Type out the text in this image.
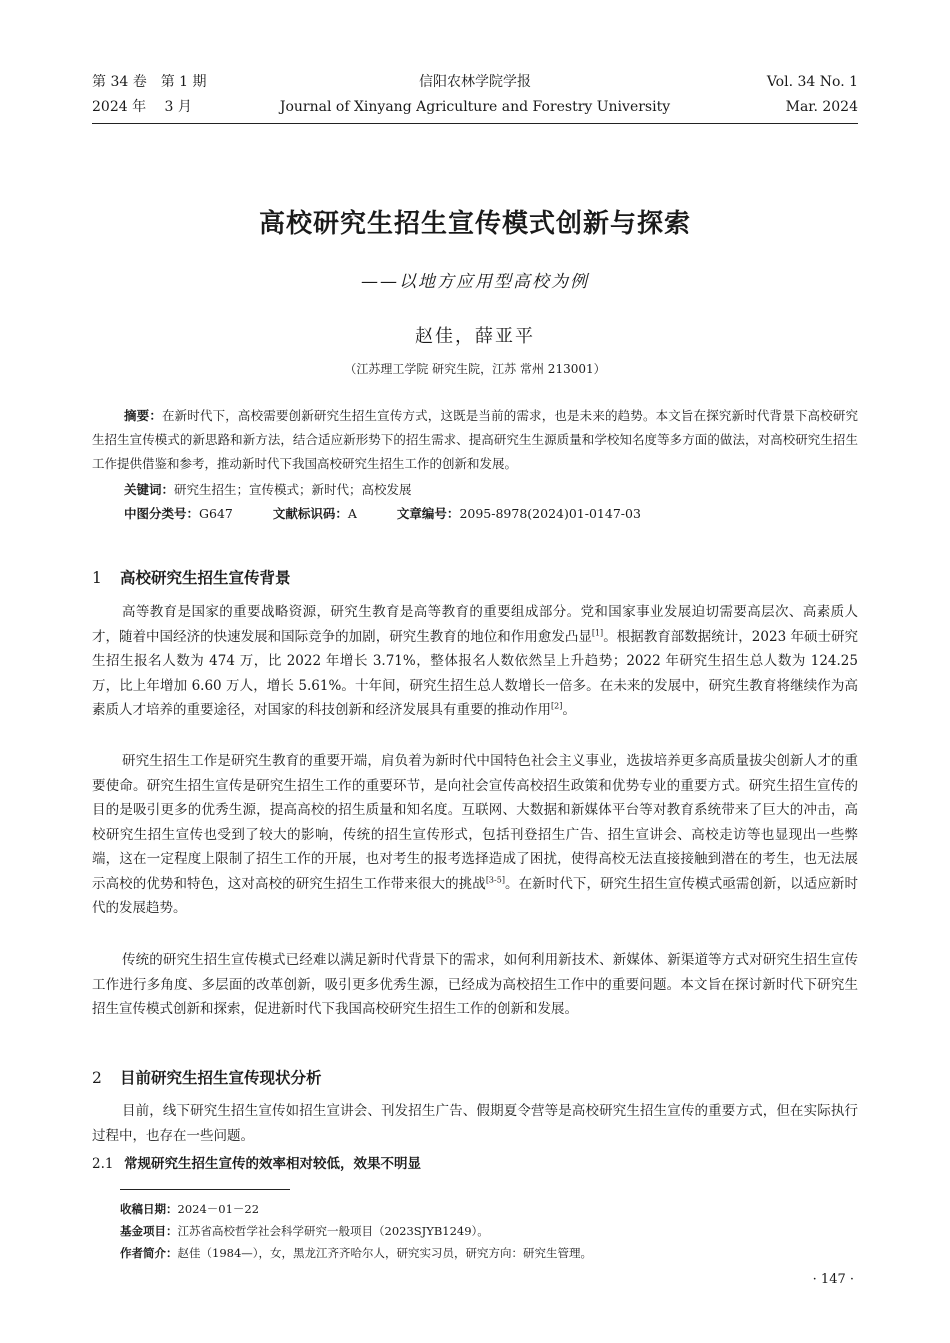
第 34 卷　第 1 期
2024 年　 3 月
信阳农林学院学报
Journal of Xinyang Agriculture and Forestry University
Vol. 34 No. 1
Mar. 2024
高校研究生招生宣传模式创新与探索
——以地方应用型高校为例
赵佳，薛亚平
（江苏理工学院 研究生院，江苏 常州 213001）
摘要：在新时代下，高校需要创新研究生招生宣传方式，这既是当前的需求，也是未来的趋势。本文旨在探究新时代背景下高校研究生招生宣传模式的新思路和新方法，结合适应新形势下的招生需求、提高研究生生源质量和学校知名度等多方面的做法，对高校研究生招生工作提供借鉴和参考，推动新时代下我国高校研究生招生工作的创新和发展。
关键词：研究生招生；宣传模式；新时代；高校发展
中图分类号：G647	文献标识码：A	文章编号：2095-8978(2024)01-0147-03
1 高校研究生招生宣传背景
高等教育是国家的重要战略资源，研究生教育是高等教育的重要组成部分。党和国家事业发展迫切需要高层次、高素质人才，随着中国经济的快速发展和国际竞争的加剧，研究生教育的地位和作用愈发凸显[1]。根据教育部数据统计，2023 年硕士研究生招生报名人数为 474 万，比 2022 年增长 3.71%，整体报名人数依然呈上升趋势；2022 年研究生招生总人数为 124.25 万，比上年增加 6.60 万人，增长 5.61%。十年间，研究生招生总人数增长一倍多。在未来的发展中，研究生教育将继续作为高素质人才培养的重要途径，对国家的科技创新和经济发展具有重要的推动作用[2]。
研究生招生工作是研究生教育的重要开端，肩负着为新时代中国特色社会主义事业，选拔培养更多高质量拔尖创新人才的重要使命。研究生招生宣传是研究生招生工作的重要环节，是向社会宣传高校招生政策和优势专业的重要方式。研究生招生宣传的目的是吸引更多的优秀生源，提高高校的招生质量和知名度。互联网、大数据和新媒体平台等对教育系统带来了巨大的冲击，高校研究生招生宣传也受到了较大的影响，传统的招生宣传形式，包括刊登招生广告、招生宣讲会、高校走访等也显现出一些弊端，这在一定程度上限制了招生工作的开展，也对考生的报考选择造成了困扰，使得高校无法直接接触到潜在的考生，也无法展示高校的优势和特色，这对高校的研究生招生工作带来很大的挑战[3-5]。在新时代下，研究生招生宣传模式亟需创新，以适应新时代的发展趋势。
传统的研究生招生宣传模式已经难以满足新时代背景下的需求，如何利用新技术、新媒体、新渠道等方式对研究生招生宣传工作进行多角度、多层面的改革创新，吸引更多优秀生源，已经成为高校招生工作中的重要问题。本文旨在探讨新时代下研究生招生宣传模式创新和探索，促进新时代下我国高校研究生招生工作的创新和发展。
2 目前研究生招生宣传现状分析
目前，线下研究生招生宣传如招生宣讲会、刊发招生广告、假期夏令营等是高校研究生招生宣传的重要方式，但在实际执行过程中，也存在一些问题。
2.1 常规研究生招生宣传的效率相对较低，效果不明显
收稿日期：2024－01－22
基金项目：江苏省高校哲学社会科学研究一般项目（2023SJYB1249）。
作者简介：赵佳（1984—），女，黑龙江齐齐哈尔人，研究实习员，研究方向：研究生管理。
· 147 ·
